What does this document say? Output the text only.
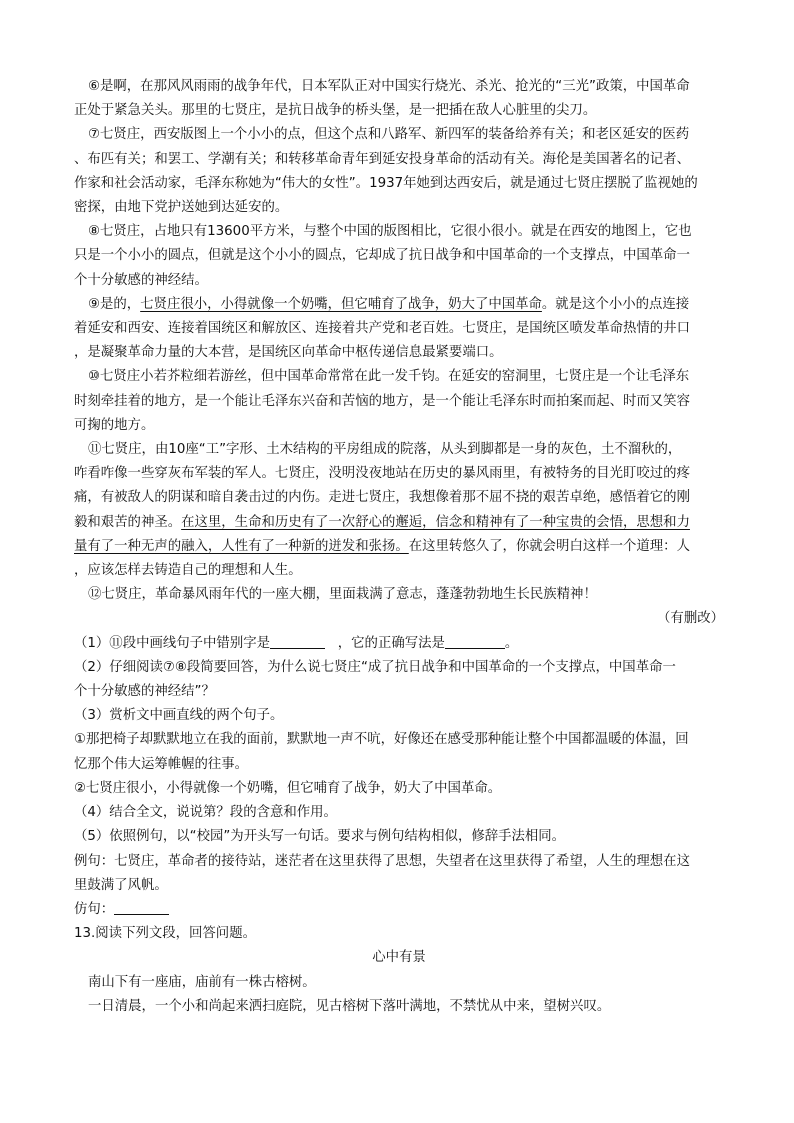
⑥是啊，在那风风雨雨的战争年代，日本军队正对中国实行烧光、杀光、抢光的“三光”政策，中国革命
正处于紧急关头。那里的七贤庄，是抗日战争的桥头堡，是一把插在敌人心脏里的尖刀。
⑦七贤庄，西安版图上一个小小的点，但这个点和八路军、新四军的装备给养有关；和老区延安的医药
、布匹有关；和罢工、学潮有关；和转移革命青年到延安投身革命的活动有关。海伦是美国著名的记者、
作家和社会活动家，毛泽东称她为“伟大的女性”。1937年她到达西安后，就是通过七贤庄摆脱了监视她的
密探，由地下党护送她到达延安的。
⑧七贤庄，占地只有13600平方米，与整个中国的版图相比，它很小很小。就是在西安的地图上，它也
只是一个小小的圆点，但就是这个小小的圆点，它却成了抗日战争和中国革命的一个支撑点，中国革命一
个十分敏感的神经结。
⑨是的，七贤庄很小，小得就像一个奶嘴，但它哺育了战争，奶大了中国革命。就是这个小小的点连接
着延安和西安、连接着国统区和解放区、连接着共产党和老百姓。七贤庄，是国统区喷发革命热情的井口
，是凝聚革命力量的大本营，是国统区向革命中枢传递信息最紧要端口。
⑩七贤庄小若芥粒细若游丝，但中国革命常常在此一发千钧。在延安的窑洞里，七贤庄是一个让毛泽东
时刻牵挂着的地方，是一个能让毛泽东兴奋和苦恼的地方，是一个能让毛泽东时而拍案而起、时而又笑容
可掬的地方。
⑪七贤庄，由10座“工”字形、土木结构的平房组成的院落，从头到脚都是一身的灰色，土不溜秋的，
咋看咋像一些穿灰布军装的军人。七贤庄，没明没夜地站在历史的暴风雨里，有被特务的目光盯咬过的疼
痛，有被敌人的阴谋和暗自袭击过的内伤。走进七贤庄，我想像着那不屈不挠的艰苦卓绝，感悟着它的刚
毅和艰苦的神圣。在这里，生命和历史有了一次舒心的邂逅，信念和精神有了一种宝贵的会悟，思想和力
量有了一种无声的融入，人性有了一种新的迸发和张扬。在这里转悠久了，你就会明白这样一个道理：人
，应该怎样去铸造自己的理想和人生。
⑫七贤庄，革命暴风雨年代的一座大棚，里面栽满了意志，蓬蓬勃勃地生长民族精神！
（有删改）
（1）⑪段中画线句子中错别字是	，它的正确写法是	。
（2）仔细阅读⑦⑧段简要回答，为什么说七贤庄“成了抗日战争和中国革命的一个支撑点，中国革命一
个十分敏感的神经结”？
（3）赏析文中画直线的两个句子。
①那把椅子却默默地立在我的面前，默默地一声不吭，好像还在感受那种能让整个中国都温暖的体温，回
忆那个伟大运筹帷幄的往事。
②七贤庄很小，小得就像一个奶嘴，但它哺育了战争，奶大了中国革命。
（4）结合全文，说说第？段的含意和作用。
（5）依照例句，以“校园”为开头写一句话。要求与例句结构相似，修辞手法相同。
例句：七贤庄，革命者的接待站，迷茫者在这里获得了思想，失望者在这里获得了希望，人生的理想在这
里鼓满了风帆。
仿句：
13.阅读下列文段，回答问题。
心中有景
南山下有一座庙，庙前有一株古榕树。
一日清晨，一个小和尚起来洒扫庭院，见古榕树下落叶满地，不禁忧从中来，望树兴叹。
